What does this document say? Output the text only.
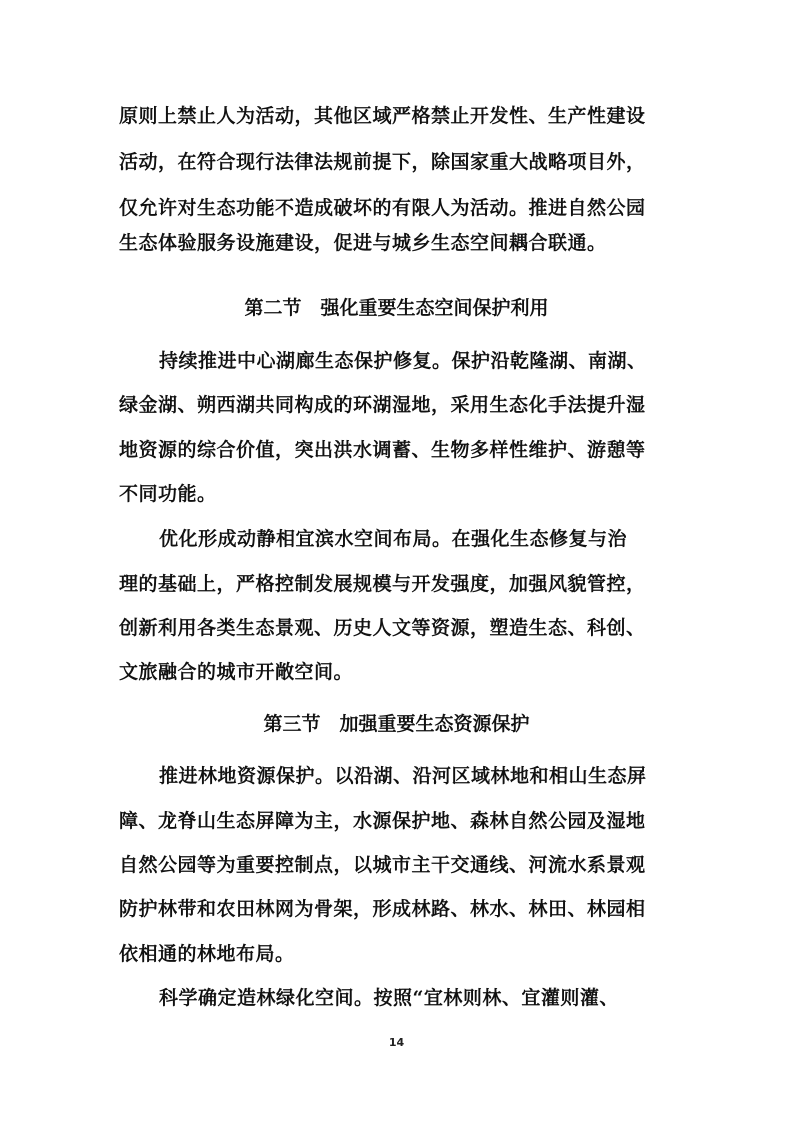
原则上禁止人为活动，其他区域严格禁止开发性、生产性建设
活动，在符合现行法律法规前提下，除国家重大战略项目外，
仅允许对生态功能不造成破坏的有限人为活动。推进自然公园
生态体验服务设施建设，促进与城乡生态空间耦合联通。
第二节　强化重要生态空间保护利用
持续推进中心湖廊生态保护修复。保护沿乾隆湖、南湖、
绿金湖、朔西湖共同构成的环湖湿地，采用生态化手法提升湿
地资源的综合价值，突出洪水调蓄、生物多样性维护、游憩等
不同功能。
优化形成动静相宜滨水空间布局。在强化生态修复与治
理的基础上，严格控制发展规模与开发强度，加强风貌管控，
创新利用各类生态景观、历史人文等资源，塑造生态、科创、
文旅融合的城市开敞空间。
第三节　加强重要生态资源保护
推进林地资源保护。以沿湖、沿河区域林地和相山生态屏
障、龙脊山生态屏障为主，水源保护地、森林自然公园及湿地
自然公园等为重要控制点，以城市主干交通线、河流水系景观
防护林带和农田林网为骨架，形成林路、林水、林田、林园相
依相通的林地布局。
科学确定造林绿化空间。按照“宜林则林、宜灌则灌、
14
